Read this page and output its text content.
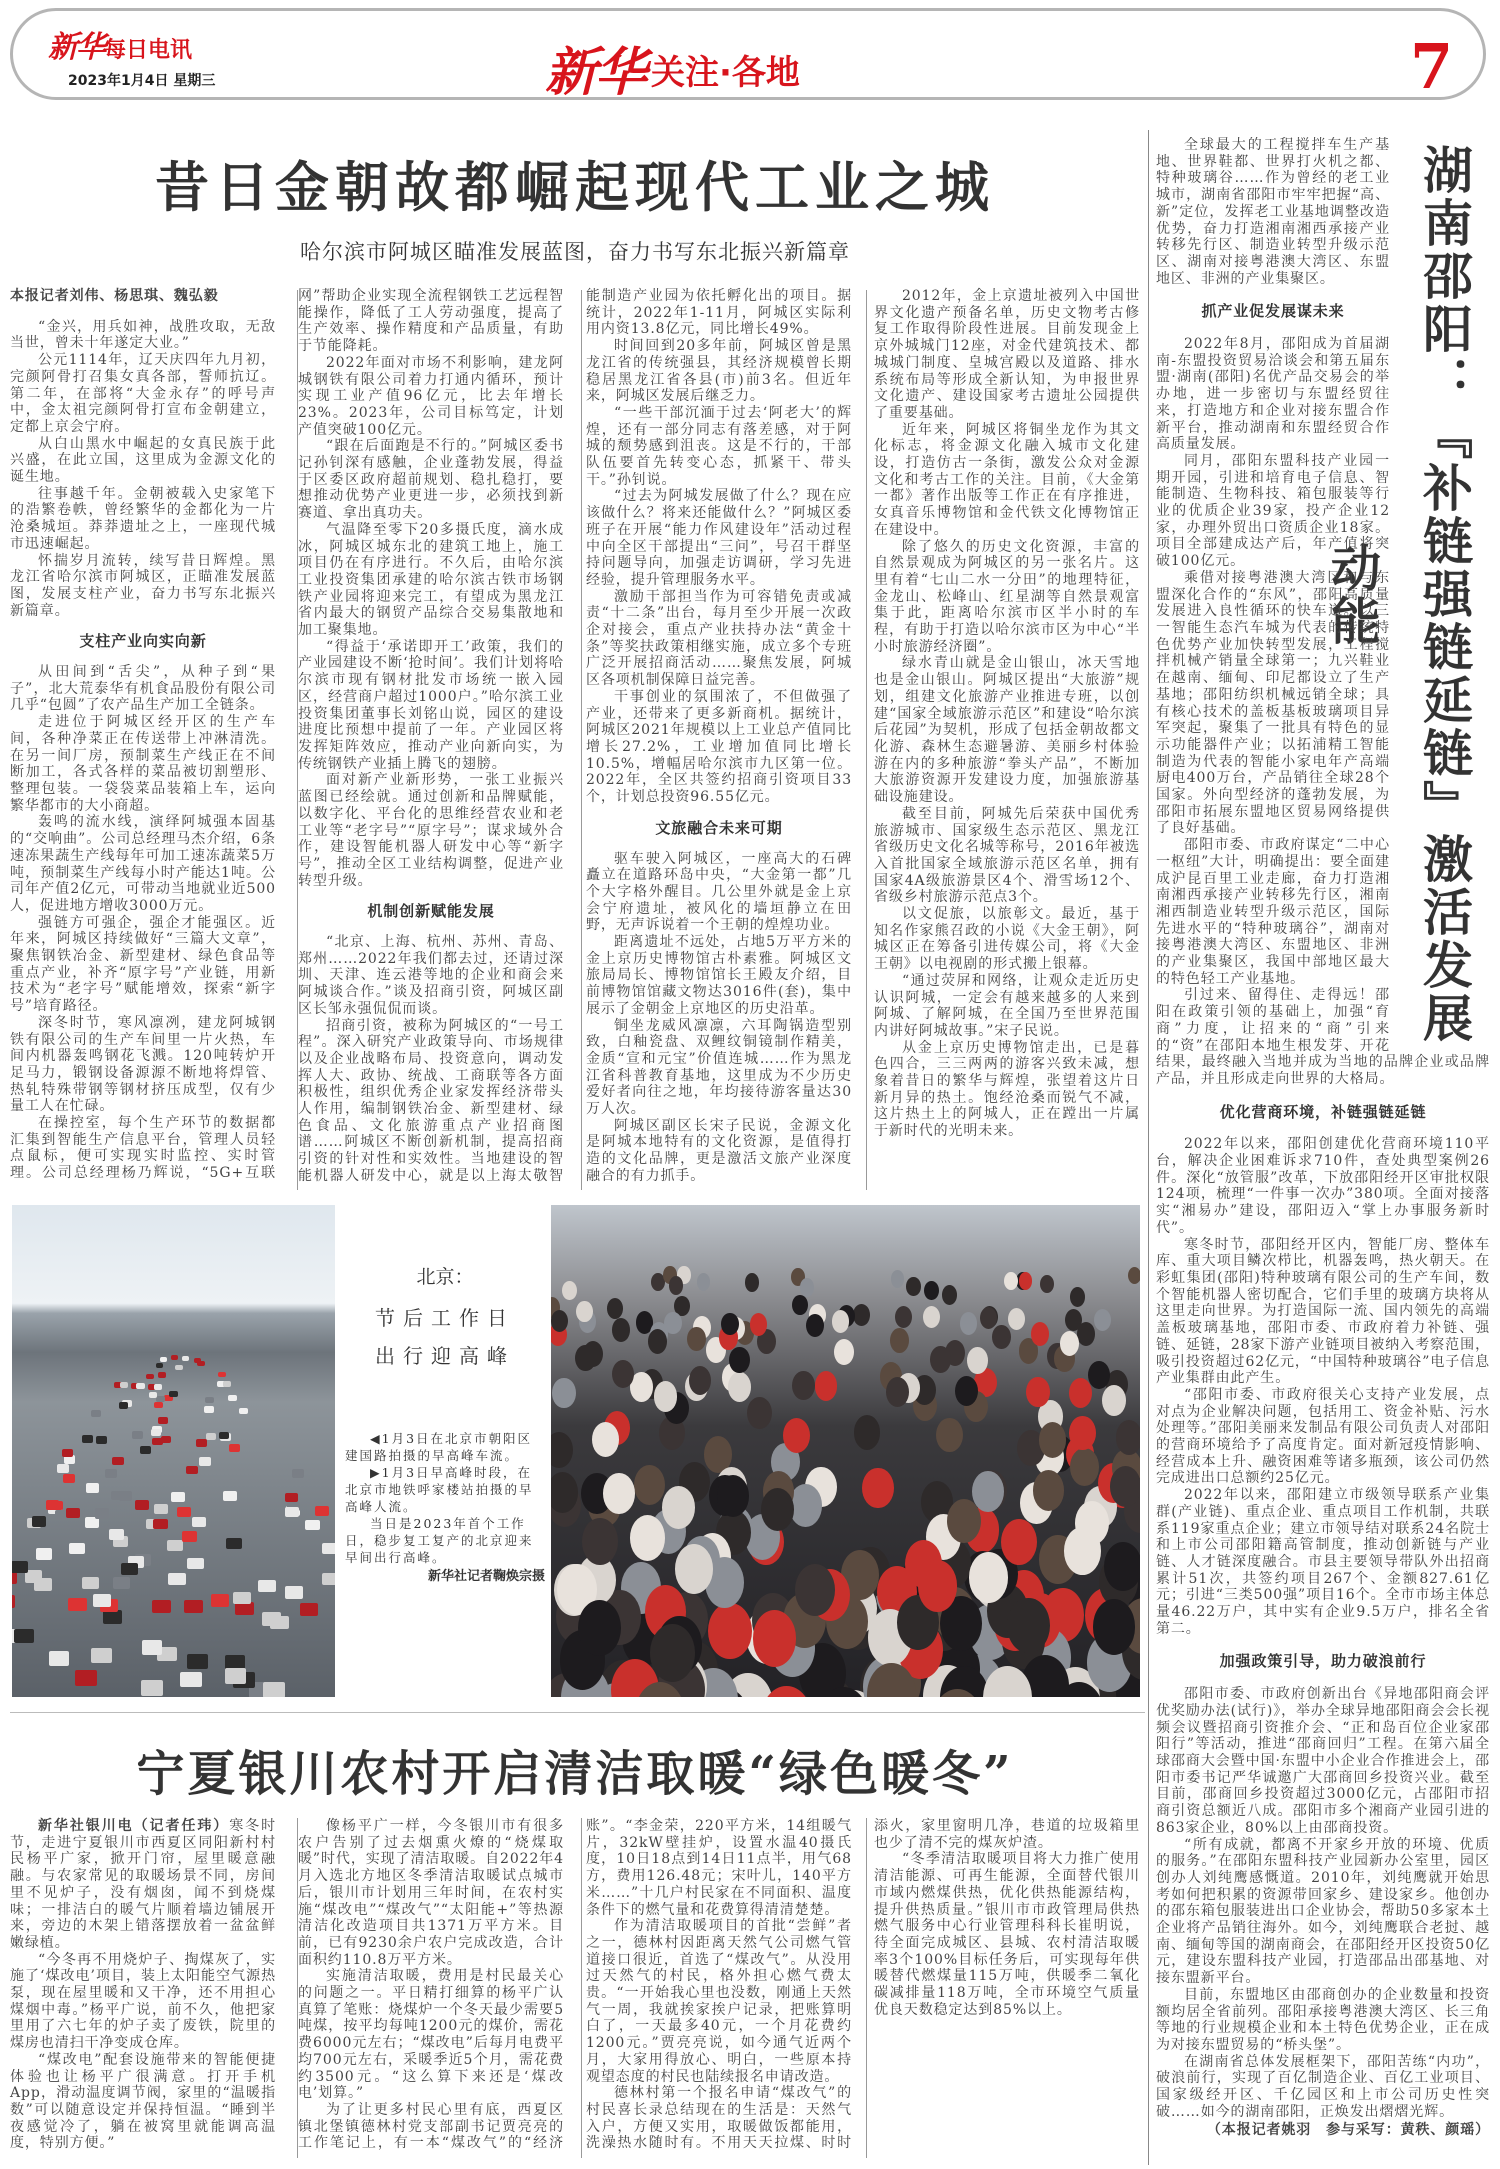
新华每日电讯
2023年1月4日 星期三	新华 关注·各地	7
昔日金朝故都崛起现代工业之城
哈尔滨市阿城区瞄准发展蓝图，奋力书写东北振兴新篇章

本报记者刘伟、杨思琪、魏弘毅

“金兴，用兵如神，战胜攻取，无敌当世，曾未十年遂定大业。”

公元1114年，辽天庆四年九月初，完颜阿骨打召集女真各部，誓师抗辽。第二年，在部将“大金永存”的呼号声中，金太祖完颜阿骨打宣布金朝建立，定都上京会宁府。

从白山黑水中崛起的女真民族于此兴盛，在此立国，这里成为金源文化的诞生地。

往事越千年。金朝被载入史家笔下的浩繁卷帙，曾经繁华的金都化为一片沧桑城垣。莽莽遗址之上，一座现代城市迅速崛起。

怀揣岁月流转，续写昔日辉煌。黑龙江省哈尔滨市阿城区，正瞄准发展蓝图，发展支柱产业，奋力书写东北振兴新篇章。

支柱产业向实向新

从田间到“舌尖”，从种子到“果子”，北大荒泰华有机食品股份有限公司几乎“包圆”了农产品生产加工全链条。

走进位于阿城区经开区的生产车间，各种净菜正在传送带上冲淋清洗。在另一间厂房，预制菜生产线正在不间断加工，各式各样的菜品被切割塑形、整理包装。一袋袋菜品装箱上车，运向繁华都市的大小商超。

轰鸣的流水线，演绎阿城强本固基的“交响曲”。公司总经理马杰介绍，6条速冻果蔬生产线每年可加工速冻蔬菜5万吨，预制菜生产线每小时产能达1吨。公司年产值2亿元，可带动当地就业近500人，促进地方增收3000万元。

强链方可强企，强企才能强区。近年来，阿城区持续做好“三篇大文章”，聚焦钢铁冶金、新型建材、绿色食品等重点产业，补齐“原字号”产业链，用新技术为“老字号”赋能增效，探索“新字号”培育路径。

深冬时节，寒风凛冽，建龙阿城钢铁有限公司的生产车间里一片火热，车间内机器轰鸣钢花飞溅。120吨转炉开足马力，锻钢设备源源不断地将焊管、热轧特殊带钢等钢材挤压成型，仅有少量工人在忙碌。

在操控室，每个生产环节的数据都汇集到智能生产信息平台，管理人员轻点鼠标，便可实现实时监控、实时管理。公司总经理杨乃辉说，“5G+互联网”帮助企业实现全流程钢铁工艺远程智能操作，降低了工人劳动强度，提高了生产效率、操作精度和产品质量，有助于节能降耗。

2022年面对市场不利影响，建龙阿城钢铁有限公司着力打通内循环，预计实现工业产值96亿元，比去年增长23%。2023年，公司目标笃定，计划产值突破100亿元。

“跟在后面跑是不行的。”阿城区委书记孙钊深有感触，企业蓬勃发展，得益于区委区政府超前规划、稳扎稳打，要想推动优势产业更进一步，必须找到新赛道、拿出真功夫。

气温降至零下20多摄氏度，滴水成冰，阿城区城东北的建筑工地上，施工项目仍在有序进行。不久后，由哈尔滨工业投资集团承建的哈尔滨古铁市场钢铁产业园将迎来完工，有望成为黑龙江省内最大的钢贸产品综合交易集散地和加工聚集地。

“得益于‘承诺即开工’政策，我们的产业园建设不断‘抢时间’。我们计划将哈尔滨市现有钢材批发市场统一嵌入园区，经营商户超过1000户。”哈尔滨工业投资集团董事长刘铭山说，园区的建设进度比预想中提前了一年。产业园区将发挥矩阵效应，推动产业向新向实，为传统钢铁产业插上腾飞的翅膀。

面对新产业新形势，一张工业振兴蓝图已经绘就。通过创新和品牌赋能，以数字化、平台化的思维经营农业和老工业等“老字号”“原字号”；谋求域外合作，建设智能机器人研发中心等“新字号”，推动全区工业结构调整，促进产业转型升级。

机制创新赋能发展

“北京、上海、杭州、苏州、青岛、郑州……2022年我们都去过，还请过深圳、天津、连云港等地的企业和商会来阿城谈合作。”谈及招商引资，阿城区副区长邹永强侃侃而谈。

招商引资，被称为阿城区的“一号工程”。深入研究产业政策导向、市场规律以及企业战略布局、投资意向，调动发挥人大、政协、统战、工商联等各方面积极性，组织优秀企业家发挥经济带头人作用，编制钢铁冶金、新型建材、绿色食品、文化旅游重点产业招商图谱……阿城区不断创新机制，提高招商引资的针对性和实效性。当地建设的智能机器人研发中心，就是以上海太敬智能制造产业园为依托孵化出的项目。据统计，2022年1-11月，阿城区实际利用内资13.8亿元，同比增长49%。

时间回到20多年前，阿城区曾是黑龙江省的传统强县，其经济规模曾长期稳居黑龙江省各县(市)前3名。但近年来，阿城区发展后继乏力。

“一些干部沉湎于过去‘阿老大’的辉煌，还有一部分同志有落差感，对于阿城的颓势感到沮丧。这是不行的，干部队伍要首先转变心态，抓紧干、带头干。”孙钊说。

“过去为阿城发展做了什么？现在应该做什么？将来还能做什么？”阿城区委班子在开展“能力作风建设年”活动过程中向全区干部提出“三问”，号召干群坚持问题导向，加强走访调研，学习先进经验，提升管理服务水平。

激励干部担当作为可容错免责或减责“十二条”出台，每月至少开展一次政企对接会，重点产业扶持办法“黄金十条”等奖扶政策相继实施，成立多个专班广泛开展招商活动……聚焦发展，阿城区各项机制保障日益完善。

干事创业的氛围浓了，不但做强了产业，还带来了更多新商机。据统计，阿城区2021年规模以上工业总产值同比增长27.2%，工业增加值同比增长10.5%，增幅居哈尔滨市九区第一位。2022年，全区共签约招商引资项目33个，计划总投资96.55亿元。

文旅融合未来可期

驱车驶入阿城区，一座高大的石碑矗立在道路环岛中央，“大金第一都”几个大字格外醒目。几公里外就是金上京会宁府遗址，被风化的墙垣静立在田野，无声诉说着一个王朝的煌煌功业。

距离遗址不远处，占地5万平方米的金上京历史博物馆古朴素雅。阿城区文旅局局长、博物馆馆长王殿友介绍，目前博物馆馆藏文物达3016件(套)，集中展示了金朝金上京地区的历史沿革。

铜坐龙威风凛凛，六耳陶锅造型别致，白釉瓷盘、双鲤纹铜镜制作精美，金质“宣和元宝”价值连城……作为黑龙江省科普教育基地，这里成为不少历史爱好者向往之地，年均接待游客量达30万人次。

阿城区副区长宋子民说，金源文化是阿城本地特有的文化资源，是值得打造的文化品牌，更是激活文旅产业深度融合的有力抓手。

2012年，金上京遗址被列入中国世界文化遗产预备名单，历史文物考古修复工作取得阶段性进展。目前发现金上京外城城门12座，对金代建筑技术、都城城门制度、皇城宫殿以及道路、排水系统布局等形成全新认知，为申报世界文化遗产、建设国家考古遗址公园提供了重要基础。

近年来，阿城区将铜坐龙作为其文化标志，将金源文化融入城市文化建设，打造仿古一条街，激发公众对金源文化和考古工作的关注。目前，《大金第一都》著作出版等工作正在有序推进，女真音乐博物馆和金代铁文化博物馆正在建设中。

除了悠久的历史文化资源，丰富的自然景观成为阿城区的另一张名片。这里有着“七山二水一分田”的地理特征，金龙山、松峰山、红星湖等自然景观富集于此，距离哈尔滨市区半小时的车程，有助于打造以哈尔滨市区为中心“半小时旅游经济圈”。

绿水青山就是金山银山，冰天雪地也是金山银山。阿城区提出“大旅游”规划，组建文化旅游产业推进专班，以创建“国家全域旅游示范区”和建设“哈尔滨后花园”为契机，形成了包括金朝故都文化游、森林生态避暑游、美丽乡村体验游在内的多种旅游“拳头产品”，不断加大旅游资源开发建设力度，加强旅游基础设施建设。

截至目前，阿城先后荣获中国优秀旅游城市、国家级生态示范区、黑龙江省级历史文化名城等称号，2016年被选入首批国家全域旅游示范区名单，拥有国家4A级旅游景区4个、滑雪场12个、省级乡村旅游示范点3个。

以文促旅，以旅彰文。最近，基于知名作家熊召政的小说《大金王朝》，阿城区正在筹备引进传媒公司，将《大金王朝》以电视剧的形式搬上银幕。

“通过荧屏和网络，让观众走近历史认识阿城，一定会有越来越多的人来到阿城、了解阿城，在全国乃至世界范围内讲好阿城故事。”宋子民说。

从金上京历史博物馆走出，已是暮色四合，三三两两的游客兴致未减，想象着昔日的繁华与辉煌，张望着这片日新月异的热土。饱经沧桑而锐气不减，这片热土上的阿城人，正在蹚出一片属于新时代的光明未来。

北京：
节后工作日
出行迎高峰

◀1月3日在北京市朝阳区建国路拍摄的早高峰车流。

▶1月3日早高峰时段，在北京市地铁呼家楼站拍摄的早高峰人流。

当日是2023年首个工作日，稳步复工复产的北京迎来早间出行高峰。

新华社记者鞠焕宗摄
宁夏银川农村开启清洁取暖“绿色暖冬”

新华社银川电（记者任玮）寒冬时节，走进宁夏银川市西夏区同阳新村村民杨平广家，掀开门帘，屋里暖意融融。与农家常见的取暖场景不同，房间里不见炉子，没有烟囱，闻不到烧煤味；一排洁白的暖气片顺着墙边铺展开来，旁边的木架上错落摆放着一盆盆鲜嫩绿植。

“今冬再不用烧炉子、掏煤灰了，实施了‘煤改电’项目，装上太阳能空气源热泵，现在屋里暖和又干净，还不用担心煤烟中毒。”杨平广说，前不久，他把家里用了六七年的炉子卖了废铁，院里的煤房也清扫干净变成仓库。

“煤改电”配套设施带来的智能便捷体验也让杨平广很满意。打开手机App，滑动温度调节阀，家里的“温暖指数”可以随意设定并保持恒温。“睡到半夜感觉冷了，躺在被窝里就能调高温度，特别方便。”

像杨平广一样，今冬银川市有很多农户告别了过去烟熏火燎的“烧煤取暖”时代，实现了清洁取暖。自2022年4月入选北方地区冬季清洁取暖试点城市后，银川市计划用三年时间，在农村实施“煤改电”“煤改气”“太阳能+”等热源清洁化改造项目共1371万平方米。目前，已有9230余户农户完成改造，合计面积约110.8万平方米。

实施清洁取暖，费用是村民最关心的问题之一。平日精打细算的杨平广认真算了笔账：烧煤炉一个冬天最少需要5吨煤，按平均每吨1200元的煤价，需花费6000元左右；“煤改电”后每月电费平均700元左右，采暖季近5个月，需花费约3500元。“这么算下来还是‘煤改电’划算。”

为了让更多村民心里有底，西夏区镇北堡镇德林村党支部副书记贾亮亮的工作笔记上，有一本“煤改气”的“经济账”。“李金荣，220平方米，14组暖气片，32kW壁挂炉，设置水温40摄氏度，10日18点到14日11点半，用气68方，费用126.48元；宋叶儿，140平方米……”十几户村民家在不同面积、温度条件下的燃气量和花费算得清清楚楚。

作为清洁取暖项目的首批“尝鲜”者之一，德林村因距离天然气公司燃气管道接口很近，首选了“煤改气”。从没用过天然气的村民，格外担心燃气费太贵。“一开始我心里也没数，刚通上天然气一周，我就挨家挨户记录，把账算明白了，一天最多40元，一个月花费约1200元。”贾亮亮说，如今通气近两个月，大家用得放心、明白，一些原本持观望态度的村民也陆续报名申请改造。

德林村第一个报名申请“煤改气”的村民喜长录总结现在的生活是：天然气入户，方便又实用，取暖做饭都能用，洗澡热水随时有。不用天天拉煤、时时添火，家里窗明几净，巷道的垃圾箱里也少了清不完的煤灰炉渣。

“冬季清洁取暖项目将大力推广使用清洁能源、可再生能源，全面替代银川市域内燃煤供热，优化供热能源结构，提升供热质量。”银川市市政管理局供热燃气服务中心行业管理科科长崔明说，待全面完成城区、县城、农村清洁取暖率3个100%目标任务后，可实现每年供暖替代燃煤量115万吨，供暖季二氧化碳减排量118万吨，全市环境空气质量优良天数稳定达到85%以上。

湖南邵阳：『补链强链延链』激活发展动能

全球最大的工程搅拌车生产基地、世界鞋都、世界打火机之都、特种玻璃谷……作为曾经的老工业城市，湖南省邵阳市牢牢把握“高、新”定位，发挥老工业基地调整改造优势，奋力打造湘南湘西承接产业转移先行区、制造业转型升级示范区、湖南对接粤港澳大湾区、东盟地区、非洲的产业集聚区。

抓产业促发展谋未来

2022年8月，邵阳成为首届湖南-东盟投资贸易洽谈会和第五届东盟·湖南(邵阳)名优产品交易会的举办地，进一步密切与东盟经贸往来，打造地方和企业对接东盟合作新平台，推动湖南和东盟经贸合作高质量发展。

同月，邵阳东盟科技产业园一期开园，引进和培育电子信息、智能制造、生物科技、箱包服装等行业的优质企业39家，投产企业12家，办理外贸出口资质企业18家。项目全部建成达产后，年产值将突破100亿元。

乘借对接粤港澳大湾区和与东盟深化合作的“东风”，邵阳高质量发展进入良性循环的快车道。以三一智能生态汽车城为代表的传统特色优势产业加快转型发展，工程搅拌机械产销量全球第一；九兴鞋业在越南、缅甸、印尼都设立了生产基地；邵阳纺织机械远销全球；具有核心技术的盖板基板玻璃项目异军突起，聚集了一批具有特色的显示功能器件产业；以拓浦精工智能制造为代表的智能小家电年产高端厨电400万台，产品销往全球28个国家。外向型经济的蓬勃发展，为邵阳市拓展东盟地区贸易网络提供了良好基础。

邵阳市委、市政府谋定“二中心一枢纽”大计，明确提出：要全面建成沪昆百里工业走廊，奋力打造湘南湘西承接产业转移先行区，湘南湘西制造业转型升级示范区，国际先进水平的“特种玻璃谷”，湖南对接粤港澳大湾区、东盟地区、非洲的产业集聚区，我国中部地区最大的特色轻工产业基地。

引过来、留得住、走得远！邵阳在政策引领的基础上，加强“育商”力度，让招来的“商”引来的“资”在邵阳本地生根发芽、开花结果，最终融入当地并成为当地的品牌企业或品牌产品，并且形成走向世界的大格局。

优化营商环境，补链强链延链

2022年以来，邵阳创建优化营商环境110平台，解决企业困难诉求710件，查处典型案例26件。深化“放管服”改革，下放邵阳经开区审批权限124项，梳理“一件事一次办”380项。全面对接落实“湘易办”建设，邵阳迈入“掌上办事服务新时代”。

寒冬时节，邵阳经开区内，智能厂房、整体车库、重大项目鳞次栉比，机器轰鸣，热火朝天。在彩虹集团(邵阳)特种玻璃有限公司的生产车间，数个智能机器人密切配合，它们手里的玻璃方块将从这里走向世界。为打造国际一流、国内领先的高端盖板玻璃基地，邵阳市委、市政府着力补链、强链、延链，28家下游产业链项目被纳入考察范围，吸引投资超过62亿元，“中国特种玻璃谷”电子信息产业集群由此产生。

“邵阳市委、市政府很关心支持产业发展，点对点为企业解决问题，包括用工、资金补贴、污水处理等。”邵阳美丽来发制品有限公司负责人对邵阳的营商环境给予了高度肯定。面对新冠疫情影响、经营成本上升、融资困难等诸多瓶颈，该公司仍然完成进出口总额约25亿元。

2022年以来，邵阳建立市级领导联系产业集群(产业链)、重点企业、重点项目工作机制，共联系119家重点企业；建立市领导结对联系24名院士和上市公司邵阳籍高管制度，推动创新链与产业链、人才链深度融合。市县主要领导带队外出招商累计51次，共签约项目267个、金额827.61亿元；引进“三类500强”项目16个。全市市场主体总量46.22万户，其中实有企业9.5万户，排名全省第二。

加强政策引导，助力破浪前行

邵阳市委、市政府创新出台《异地邵阳商会评优奖励办法(试行)》，举办全球异地邵阳商会会长视频会议暨招商引资推介会、“正和岛百位企业家邵阳行”等活动，推进“邵商回归”工程。在第六届全球邵商大会暨中国·东盟中小企业合作推进会上，邵阳市委书记严华诚邀广大邵商回乡投资兴业。截至目前，邵商回乡投资超过3000亿元，占邵阳市招商引资总额近八成。邵阳市多个湘商产业园引进的863家企业，80%以上由邵商投资。

“所有成就，都离不开家乡开放的环境、优质的服务。”在邵阳东盟科技产业园新办公室里，园区创办人刘纯鹰感慨道。2010年，刘纯鹰就开始思考如何把积累的资源带回家乡、建设家乡。他创办的邵东箱包服装进出口企业协会，帮助50多家本土企业将产品销往海外。如今，刘纯鹰联合老挝、越南、缅甸等国的湖南商会，在邵阳经开区投资50亿元，建设东盟科技产业园，打造邵品出邵基地、对接东盟新平台。

目前，东盟地区由邵商创办的企业数量和投资额均居全省前列。邵阳承接粤港澳大湾区、长三角等地的行业规模企业和本土特色优势企业，正在成为对接东盟贸易的“桥头堡”。

在湖南省总体发展框架下，邵阳苦练“内功”，破浪前行，实现了百亿制造企业、百亿工业项目、国家级经开区、千亿园区和上市公司历史性突破……如今的湖南邵阳，正焕发出熠熠光辉。

（本报记者姚羽　参与采写：黄秩、颜瑶）
